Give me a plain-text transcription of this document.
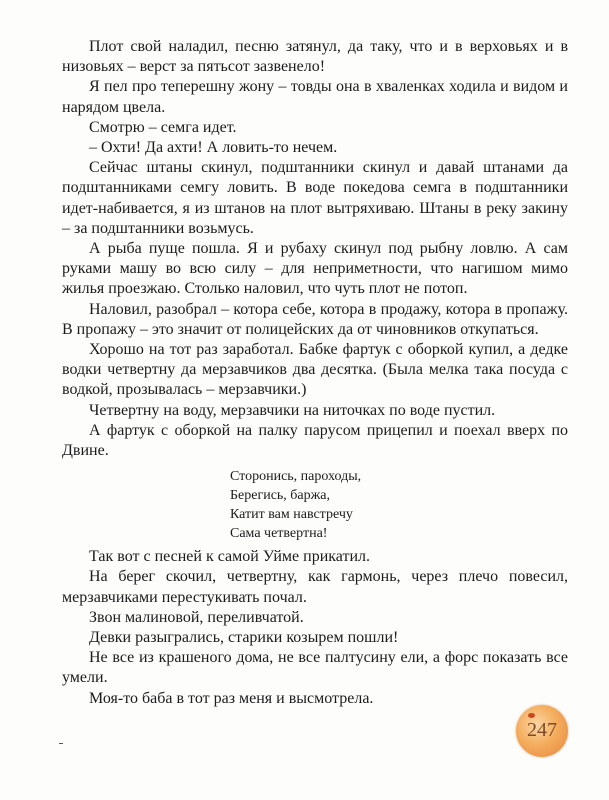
Плот свой наладил, песню затянул, да таку, что и в верховьях и в низовьях – верст за пятьсот зазвенело!

Я пел про теперешну жону – товды она в хваленках ходила и видом и нарядом цвела.

Смотрю – семга идет.

– Охти! Да ахти! А ловить-то нечем.

Сейчас штаны скинул, подштанники скинул и давай штанами да подштанниками семгу ловить. В воде покедова семга в подштанники идет-набивается, я из штанов на плот вытряхиваю. Штаны в реку закину – за подштанники возьмусь.

А рыба пуще пошла. Я и рубаху скинул под рыбну ловлю. А сам руками машу во всю силу – для неприметности, что нагишом мимо жилья проезжаю. Столько наловил, что чуть плот не потоп.

Наловил, разобрал – котора себе, котора в продажу, котора в пропажу. В пропажу – это значит от полицейских да от чиновников откупаться.

Хорошо на тот раз заработал. Бабке фартук с оборкой купил, а дедке водки четвертну да мерзавчиков два десятка. (Была мелка така посуда с водкой, прозывалась – мерзавчики.)

Четвертну на воду, мерзавчики на ниточках по воде пустил.

А фартук с оборкой на палку парусом прицепил и поехал вверх по Двине.

Сторонись, пароходы,
Берегись, баржа,
Катит вам навстречу
Сама четвертна!

Так вот с песней к самой Уйме прикатил.

На берег скочил, четвертну, как гармонь, через плечо повесил, мерзавчиками перестукивать почал.

Звон малиновой, переливчатой.

Девки разыгрались, старики козырем пошли!

Не все из крашеного дома, не все палтусину ели, а форс показать все умели.

Моя-то баба в тот раз меня и высмотрела.

247
